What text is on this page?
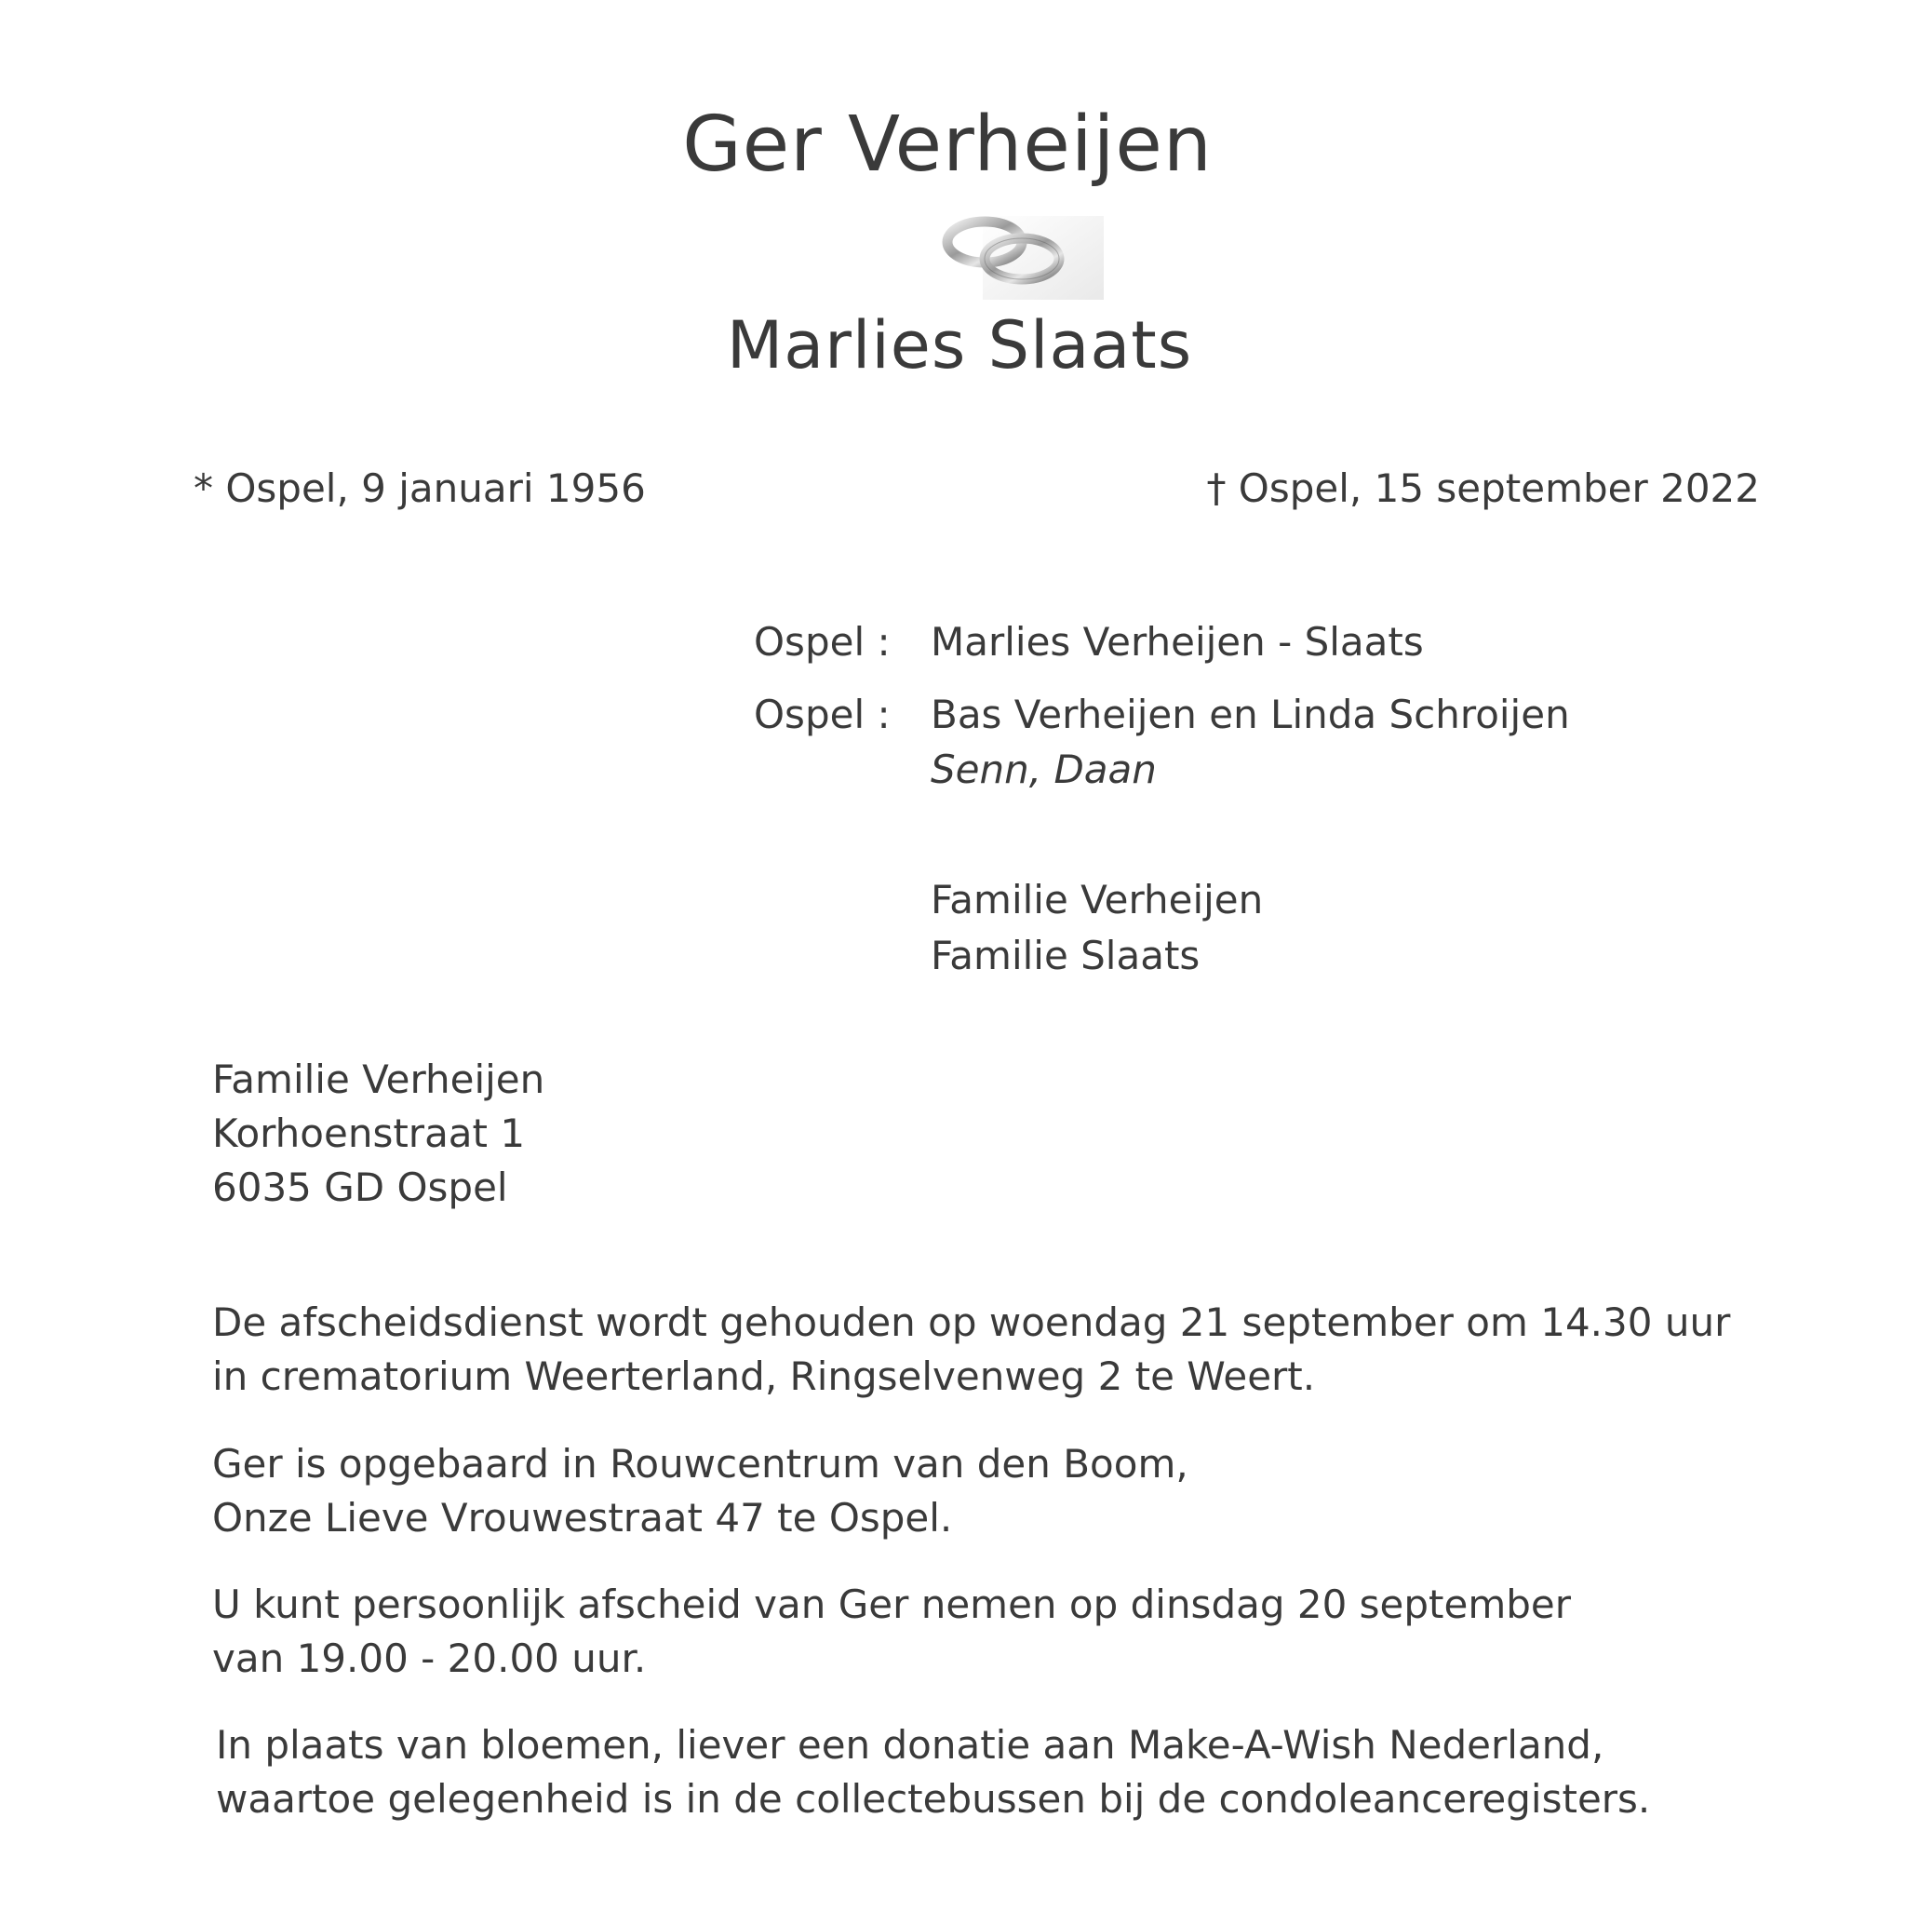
Ger Verheijen
Marlies Slaats
* Ospel, 9 januari 1956	† Ospel, 15 september 2022
Ospel : Marlies Verheijen - Slaats
Ospel : Bas Verheijen en Linda Schroijen
Senn, Daan
Familie Verheijen
Familie Slaats
Familie Verheijen
Korhoenstraat 1
6035 GD Ospel
De afscheidsdienst wordt gehouden op woendag 21 september om 14.30 uur
in crematorium Weerterland, Ringselvenweg 2 te Weert.
Ger is opgebaard in Rouwcentrum van den Boom,
Onze Lieve Vrouwestraat 47 te Ospel.
U kunt persoonlijk afscheid van Ger nemen op dinsdag 20 september
van 19.00 - 20.00 uur.
In plaats van bloemen, liever een donatie aan Make-A-Wish Nederland,
waartoe gelegenheid is in de collectebussen bij de condoleanceregisters.
